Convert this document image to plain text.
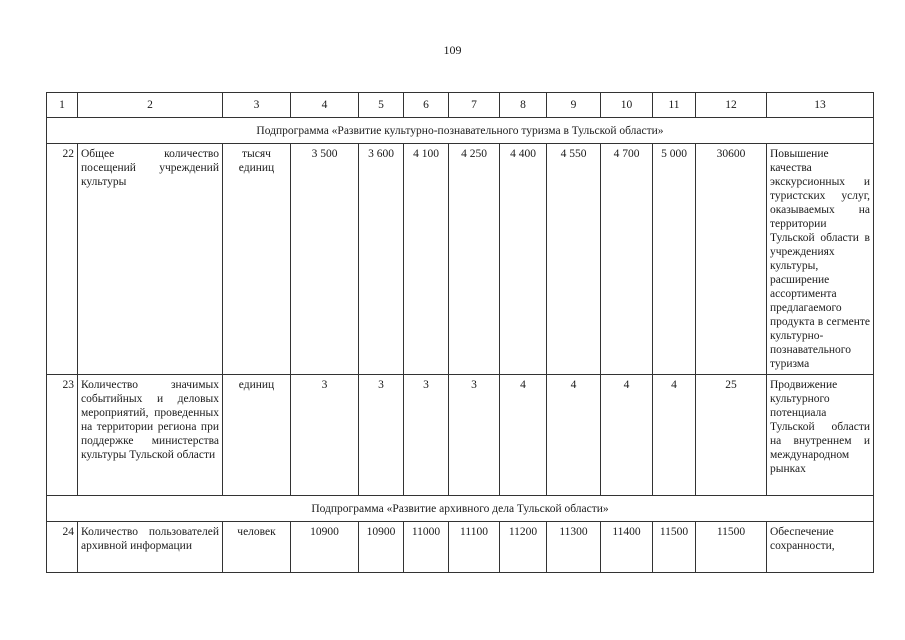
109
1	2	3	4	5	6	7	8	9	10	11	12	13
Подпрограмма «Развитие культурно-познавательного туризма в Тульской области»												
22	Общее количество посещений учреждений культуры	тысяч единиц	3 500	3 600	4 100	4 250	4 400	4 550	4 700	5 000	30600	Повышение качества экскурсионных и туристских услуг, оказываемых на территории Тульской области в учреждениях культуры, расширение ассортимента предлагаемого продукта в сегменте культурно-познавательного туризма
23	Количество значимых событийных и деловых мероприятий, проведенных на территории региона при поддержке министерства культуры Тульской области	единиц	3	3	3	3	4	4	4	4	25	Продвижение культурного потенциала Тульской области на внутреннем и международном рынках
Подпрограмма «Развитие архивного дела Тульской области»												
24	Количество пользователей архивной информации	человек	10900	10900	11000	11100	11200	11300	11400	11500	11500	Обеспечение сохранности,
